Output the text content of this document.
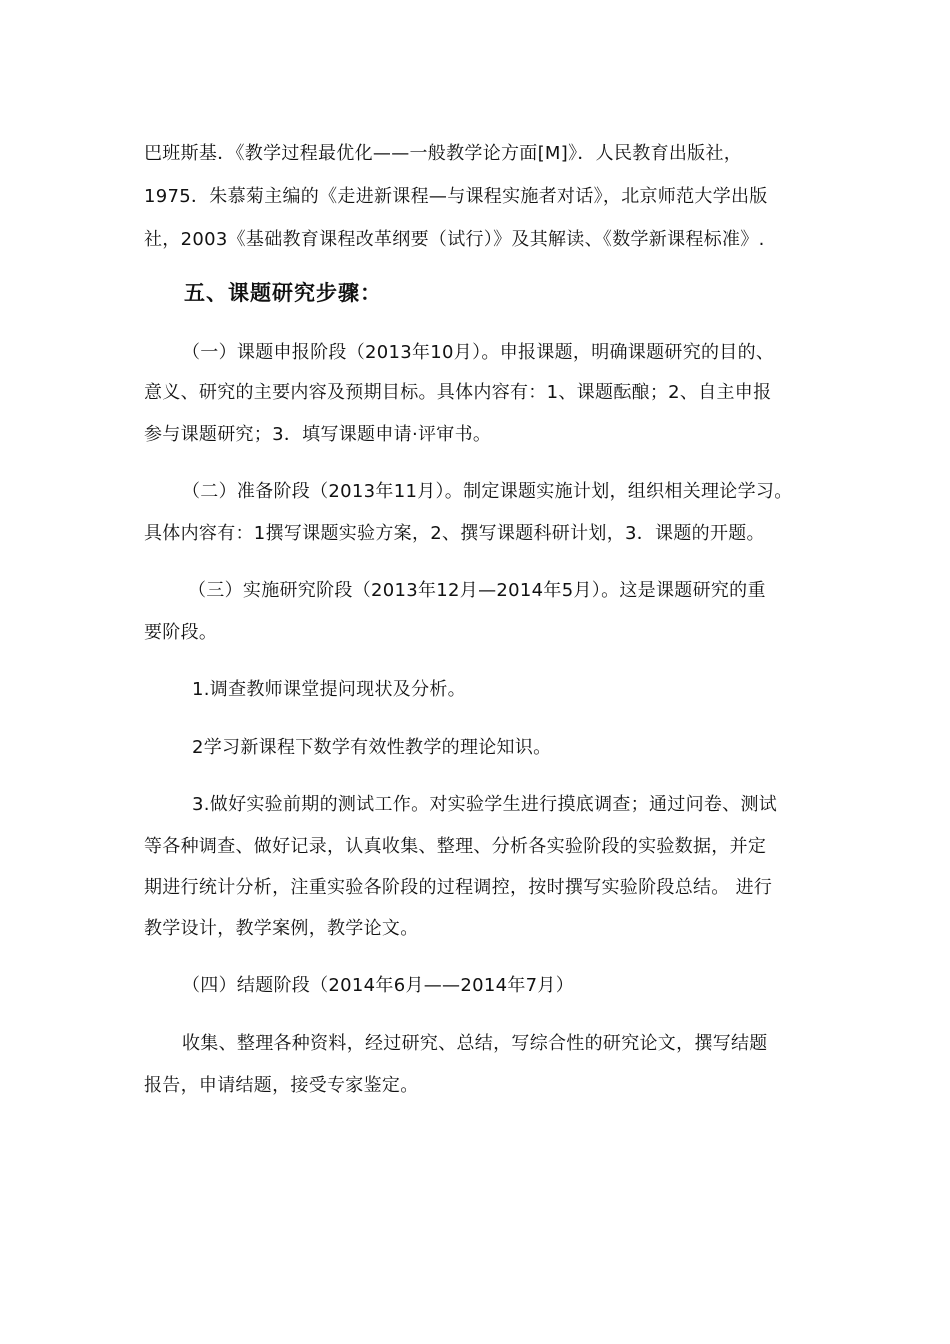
巴班斯基．《教学过程最优化——一般教学论方面[M]》．人民教育出版社，
1975．朱慕菊主编的《走进新课程—与课程实施者对话》，北京师范大学出版
社，2003《基础教育课程改革纲要（试行）》及其解读、《数学新课程标准》.
五、课题研究步骤：
（一）课题申报阶段（2013年10月）。申报课题，明确课题研究的目的、
意义、研究的主要内容及预期目标。具体内容有：1、课题酝酿；2、自主申报
参与课题研究；3．填写课题申请·评审书。
（二）准备阶段（2013年11月）。制定课题实施计划，组织相关理论学习。
具体内容有：1撰写课题实验方案，2、撰写课题科研计划，3．课题的开题。
（三）实施研究阶段（2013年12月—2014年5月）。这是课题研究的重
要阶段。
1.调查教师课堂提问现状及分析。
2学习新课程下数学有效性教学的理论知识。
3.做好实验前期的测试工作。对实验学生进行摸底调查；通过问卷、测试
等各种调查、做好记录，认真收集、整理、分析各实验阶段的实验数据，并定
期进行统计分析，注重实验各阶段的过程调控，按时撰写实验阶段总结。 进行
教学设计，教学案例，教学论文。
（四）结题阶段（2014年6月——2014年7月）
收集、整理各种资料，经过研究、总结，写综合性的研究论文，撰写结题
报告，申请结题，接受专家鉴定。
